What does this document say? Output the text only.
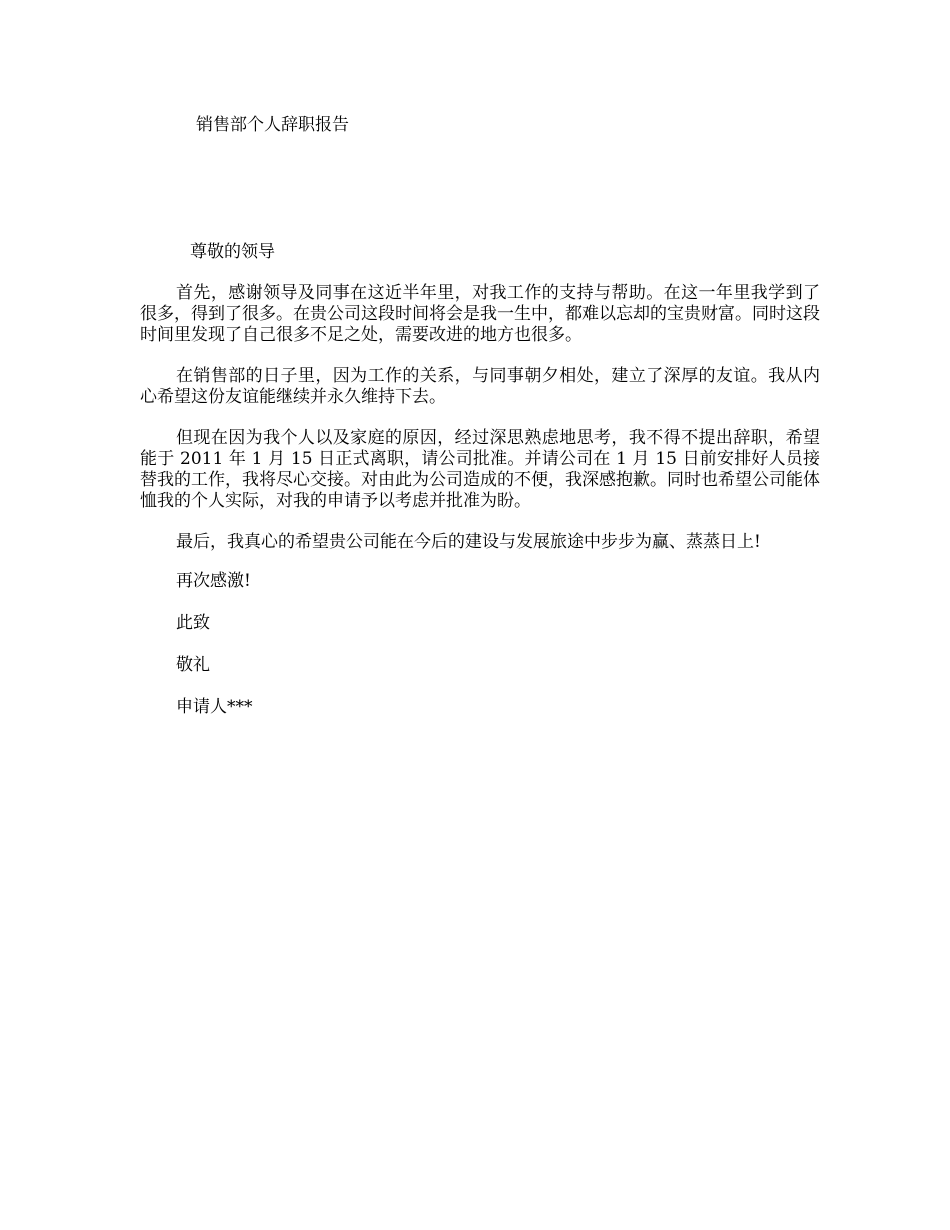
销售部个人辞职报告
尊敬的领导

首先，感谢领导及同事在这近半年里，对我工作的支持与帮助。在这一年里我学到了很多，得到了很多。在贵公司这段时间将会是我一生中，都难以忘却的宝贵财富。同时这段时间里发现了自己很多不足之处，需要改进的地方也很多。

在销售部的日子里，因为工作的关系，与同事朝夕相处，建立了深厚的友谊。我从内心希望这份友谊能继续并永久维持下去。

但现在因为我个人以及家庭的原因，经过深思熟虑地思考，我不得不提出辞职，希望能于 2011 年 1 月 15 日正式离职，请公司批准。并请公司在 1 月 15 日前安排好人员接替我的工作，我将尽心交接。对由此为公司造成的不便，我深感抱歉。同时也希望公司能体恤我的个人实际，对我的申请予以考虑并批准为盼。

最后，我真心的希望贵公司能在今后的建设与发展旅途中步步为赢、蒸蒸日上!

再次感激!
此致
敬礼
申请人***
